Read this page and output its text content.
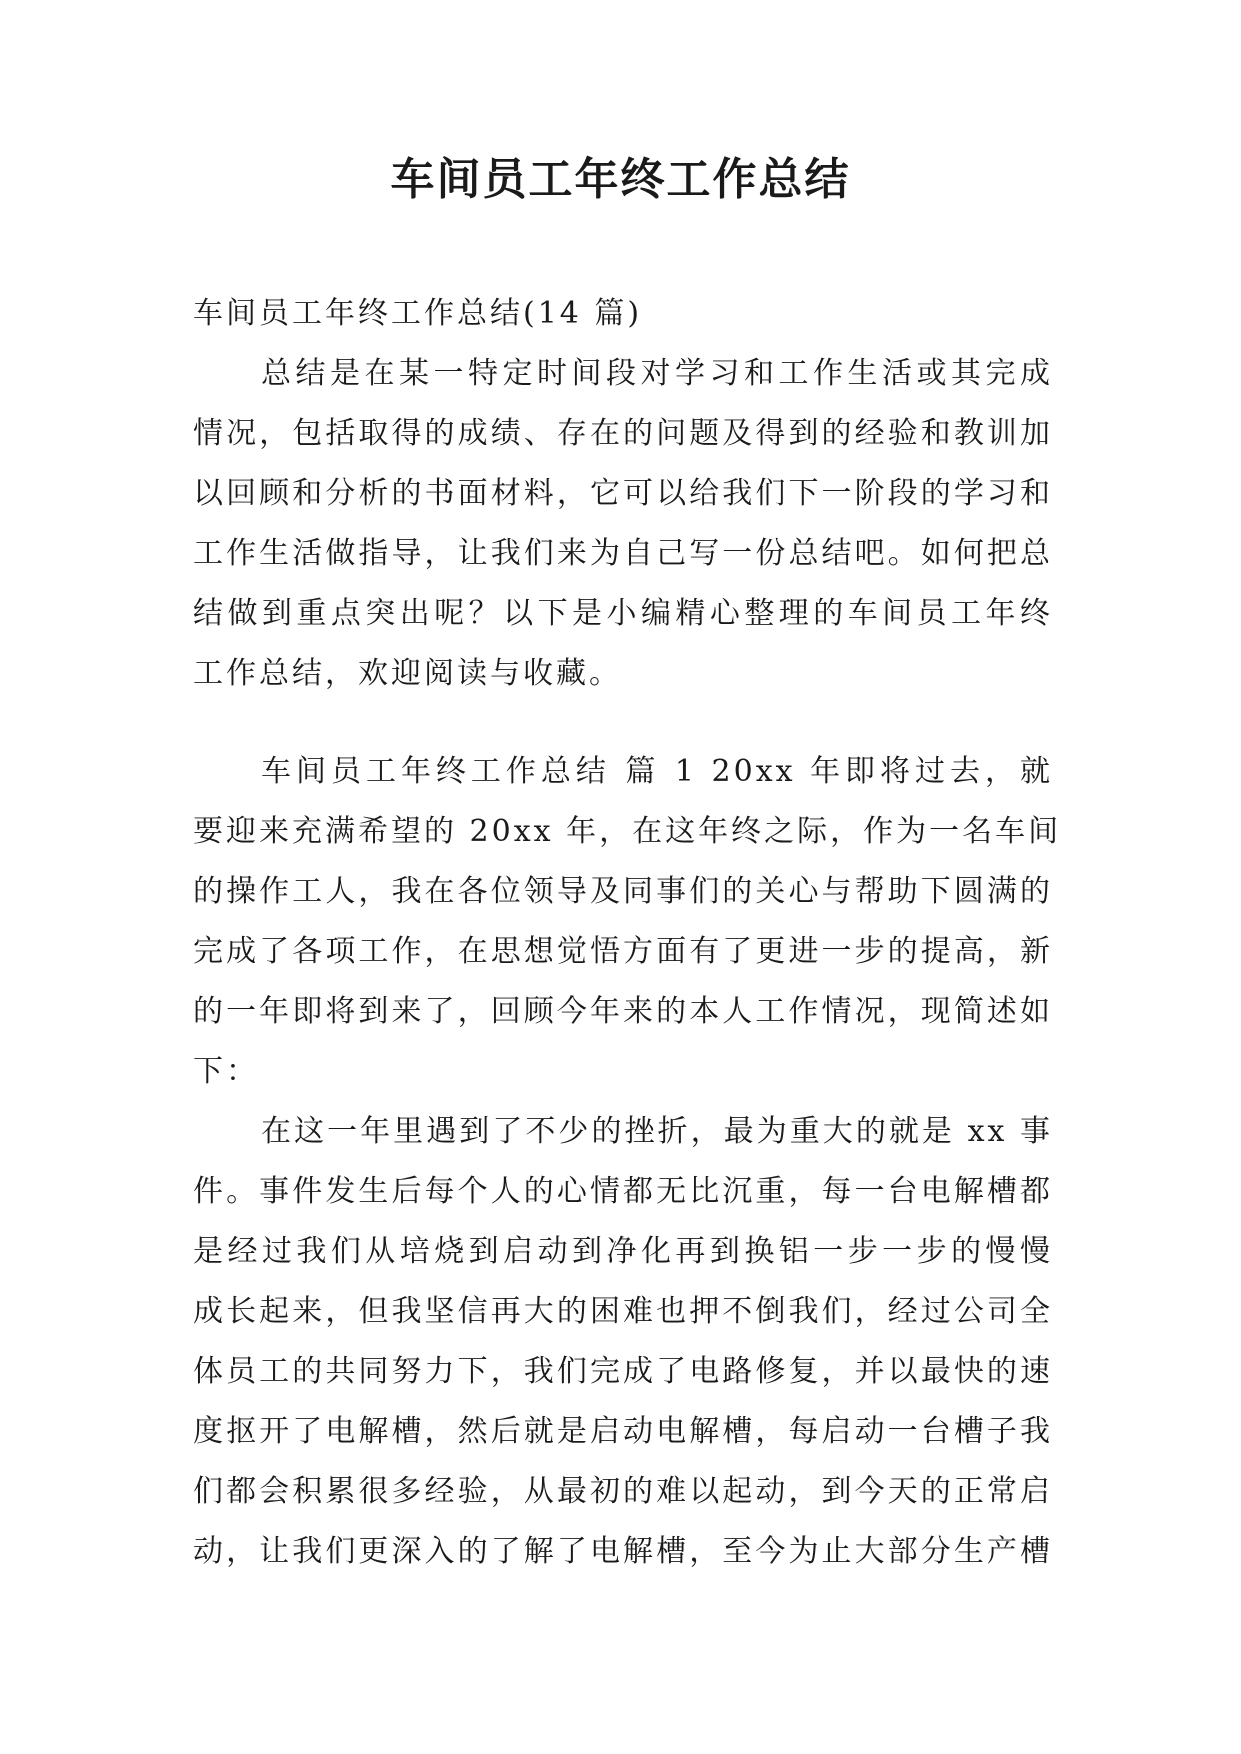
车间员工年终工作总结
车间员工年终工作总结(14 篇)
总结是在某一特定时间段对学习和工作生活或其完成
情况，包括取得的成绩、存在的问题及得到的经验和教训加
以回顾和分析的书面材料，它可以给我们下一阶段的学习和
工作生活做指导，让我们来为自己写一份总结吧。如何把总
结做到重点突出呢？以下是小编精心整理的车间员工年终
工作总结，欢迎阅读与收藏。
车间员工年终工作总结 篇 1 20xx 年即将过去，就
要迎来充满希望的 20xx 年，在这年终之际，作为一名车间
的操作工人，我在各位领导及同事们的关心与帮助下圆满的
完成了各项工作，在思想觉悟方面有了更进一步的提高，新
的一年即将到来了，回顾今年来的本人工作情况，现简述如
下：
在这一年里遇到了不少的挫折，最为重大的就是 xx 事
件。事件发生后每个人的心情都无比沉重，每一台电解槽都
是经过我们从培烧到启动到净化再到换铝一步一步的慢慢
成长起来，但我坚信再大的困难也押不倒我们，经过公司全
体员工的共同努力下，我们完成了电路修复，并以最快的速
度抠开了电解槽，然后就是启动电解槽，每启动一台槽子我
们都会积累很多经验，从最初的难以起动，到今天的正常启
动，让我们更深入的了解了电解槽，至今为止大部分生产槽
